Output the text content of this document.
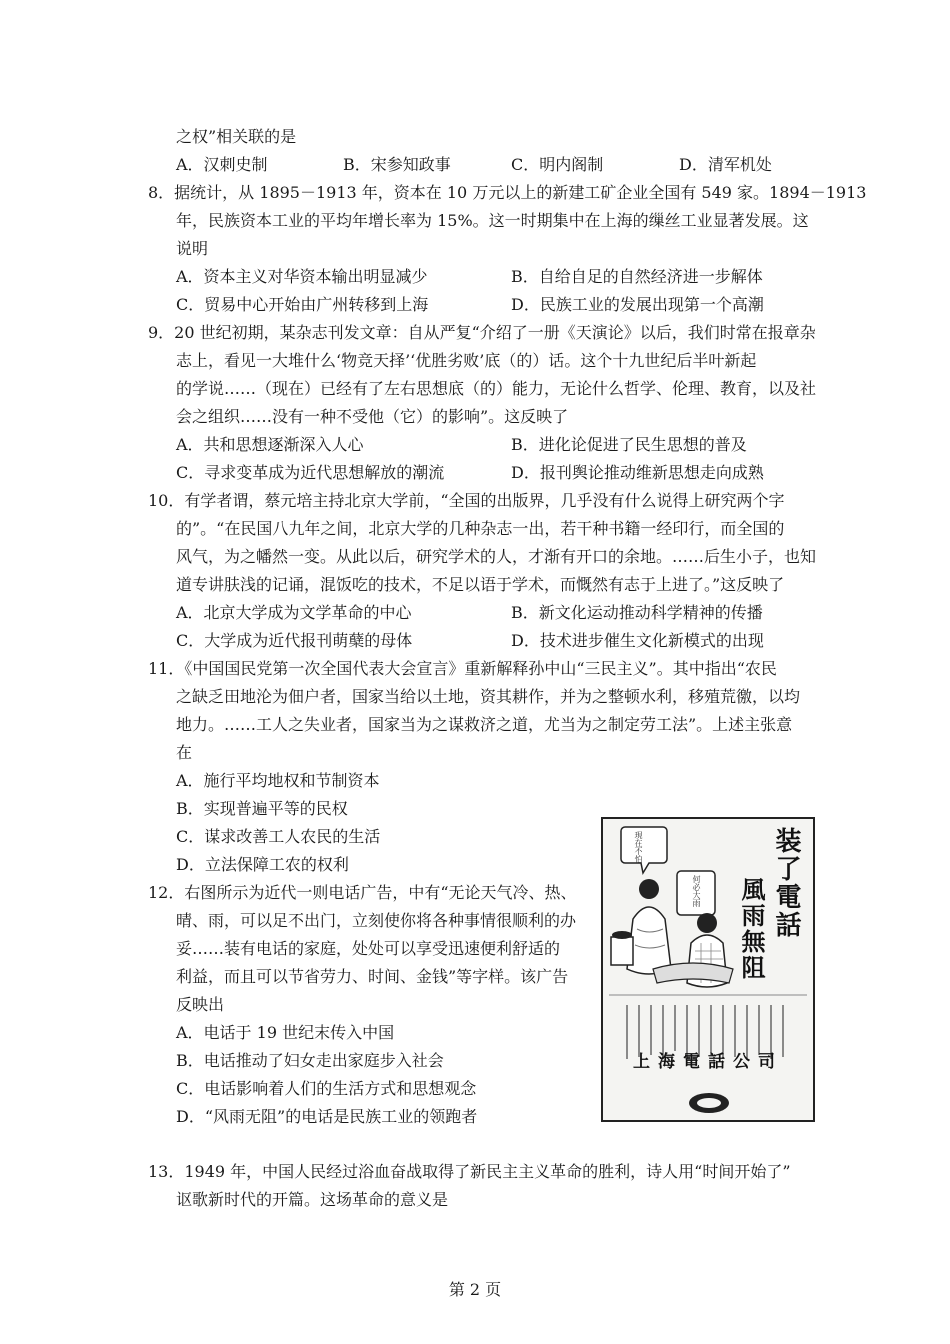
之权”相关联的是
A．汉刺史制	B．宋参知政事	C．明内阁制	D．清军机处
8．据统计，从 1895－1913 年，资本在 10 万元以上的新建工矿企业全国有 549 家。1894－1913
年，民族资本工业的平均年增长率为 15%。这一时期集中在上海的缫丝工业显著发展。这
说明
A．资本主义对华资本输出明显减少	B．自给自足的自然经济进一步解体
C．贸易中心开始由广州转移到上海	D．民族工业的发展出现第一个高潮
9．20 世纪初期，某杂志刊发文章：自从严复“介绍了一册《天演论》以后，我们时常在报章杂
志上，看见一大堆什么‘物竞天择’‘优胜劣败’底（的）话。这个十九世纪后半叶新起
的学说……（现在）已经有了左右思想底（的）能力，无论什么哲学、伦理、教育，以及社
会之组织……没有一种不受他（它）的影响”。这反映了
A．共和思想逐渐深入人心	B．进化论促进了民生思想的普及
C．寻求变革成为近代思想解放的潮流	D．报刊舆论推动维新思想走向成熟
10．有学者谓，蔡元培主持北京大学前，“全国的出版界，几乎没有什么说得上研究两个字
的”。“在民国八九年之间，北京大学的几种杂志一出，若干种书籍一经印行，而全国的
风气，为之幡然一变。从此以后，研究学术的人，才渐有开口的余地。……后生小子，也知
道专讲肤浅的记诵，混饭吃的技术，不足以语于学术，而慨然有志于上进了。”这反映了
A．北京大学成为文学革命的中心	B．新文化运动推动科学精神的传播
C．大学成为近代报刊萌蘖的母体	D．技术进步催生文化新模式的出现
11．《中国国民党第一次全国代表大会宣言》重新解释孙中山“三民主义”。其中指出“农民
之缺乏田地沦为佃户者，国家当给以土地，资其耕作，并为之整顿水利，移殖荒徼，以均
地力。……工人之失业者，国家当为之谋救济之道，尤当为之制定劳工法”。上述主张意
在
A．施行平均地权和节制资本
B．实现普遍平等的民权
C．谋求改善工人农民的生活
D．立法保障工农的权利
12．右图所示为近代一则电话广告，中有“无论天气冷、热、
晴、雨，可以足不出门，立刻使你将各种事情很顺利的办
妥……装有电话的家庭，处处可以享受迅速便利舒适的
利益，而且可以节省劳力、时间、金钱”等字样。该广告
反映出
A．电话于 19 世纪末传入中国
B．电话推动了妇女走出家庭步入社会
C．电话影响着人们的生活方式和思想观念
D．“风雨无阻”的电话是民族工业的领跑者
装了電話
風雨無阻
現在不怕
何必大雨
上海電話公司
13．1949 年，中国人民经过浴血奋战取得了新民主主义革命的胜利，诗人用“时间开始了”
讴歌新时代的开篇。这场革命的意义是
第 2 页
